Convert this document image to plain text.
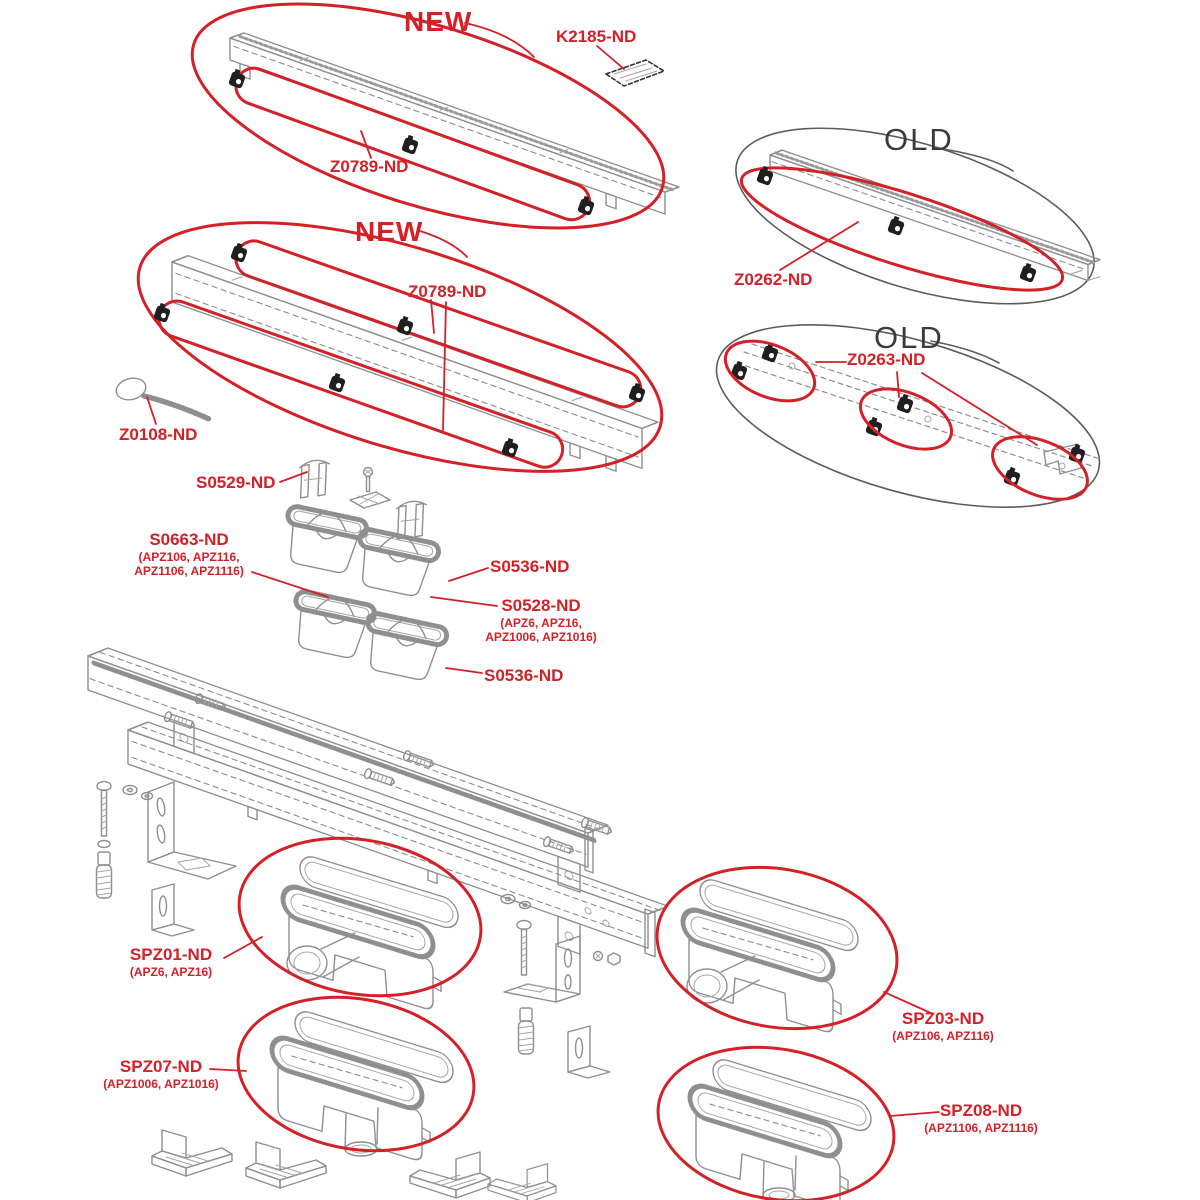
NEW	K2185-ND
Z0789-ND
NEW
Z0789-ND
Z0108-ND
OLD
Z0262-ND
OLD
Z0263-ND
S0529-ND
S0663-ND
(APZ106, APZ116,
APZ1106, APZ1116)	S0536-ND
S0528-ND
(APZ6, APZ16,
APZ1006, APZ1016)
S0536-ND
SPZ01-ND
(APZ6, APZ16)
SPZ07-ND
(APZ1006, APZ1016)
SPZ03-ND
(APZ106, APZ116)
SPZ08-ND
(APZ1106, APZ1116)
